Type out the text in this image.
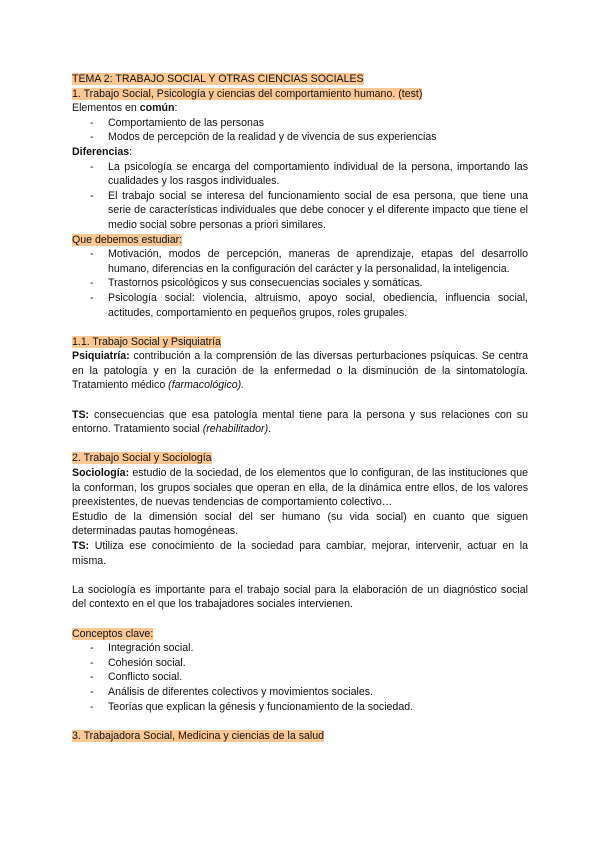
TEMA 2: TRABAJO SOCIAL Y OTRAS CIENCIAS SOCIALES

1. Trabajo Social, Psicología y ciencias del comportamiento humano. (test)

Elementos en común:

- Comportamiento de las personas
- Modos de percepción de la realidad y de vivencia de sus experiencias

Diferencias:

- La psicología se encarga del comportamiento individual de la persona, importando las cualidades y los rasgos individuales.
- El trabajo social se interesa del funcionamiento social de esa persona, que tiene una serie de características individuales que debe conocer y el diferente impacto que tiene el medio social sobre personas a priori similares.

Que debemos estudiar:

- Motivación, modos de percepción, maneras de aprendizaje, etapas del desarrollo humano, diferencias en la configuración del carácter y la personalidad, la inteligencia.
- Trastornos psicológicos y sus consecuencias sociales y somáticas.
- Psicología social: violencia, altruismo, apoyo social, obediencia, influencia social, actitudes, comportamiento en pequeños grupos, roles grupales.

1.1. Trabajo Social y Psiquiatría

Psiquiatría: contribución a la comprensión de las diversas perturbaciones psíquicas. Se centra en la patología y en la curación de la enfermedad o la disminución de la sintomatología. Tratamiento médico (farmacológico).

TS: consecuencias que esa patología mental tiene para la persona y sus relaciones con su entorno. Tratamiento social (rehabilitador).

2. Trabajo Social y Sociología

Sociología: estudio de la sociedad, de los elementos que lo configuran, de las instituciones que la conforman, los grupos sociales que operan en ella, de la dinámica entre ellos, de los valores preexistentes, de nuevas tendencias de comportamiento colectivo…

Estudio de la dimensión social del ser humano (su vida social) en cuanto que siguen determinadas pautas homogéneas.

TS: Utiliza ese conocimiento de la sociedad para cambiar, mejorar, intervenir, actuar en la misma.

La sociología es importante para el trabajo social para la elaboración de un diagnóstico social del contexto en el que los trabajadores sociales intervienen.

Conceptos clave:

- Integración social.
- Cohesión social.
- Conflicto social.
- Análisis de diferentes colectivos y movimientos sociales.
- Teorías que explican la génesis y funcionamiento de la sociedad.

3. Trabajadora Social, Medicina y ciencias de la salud
